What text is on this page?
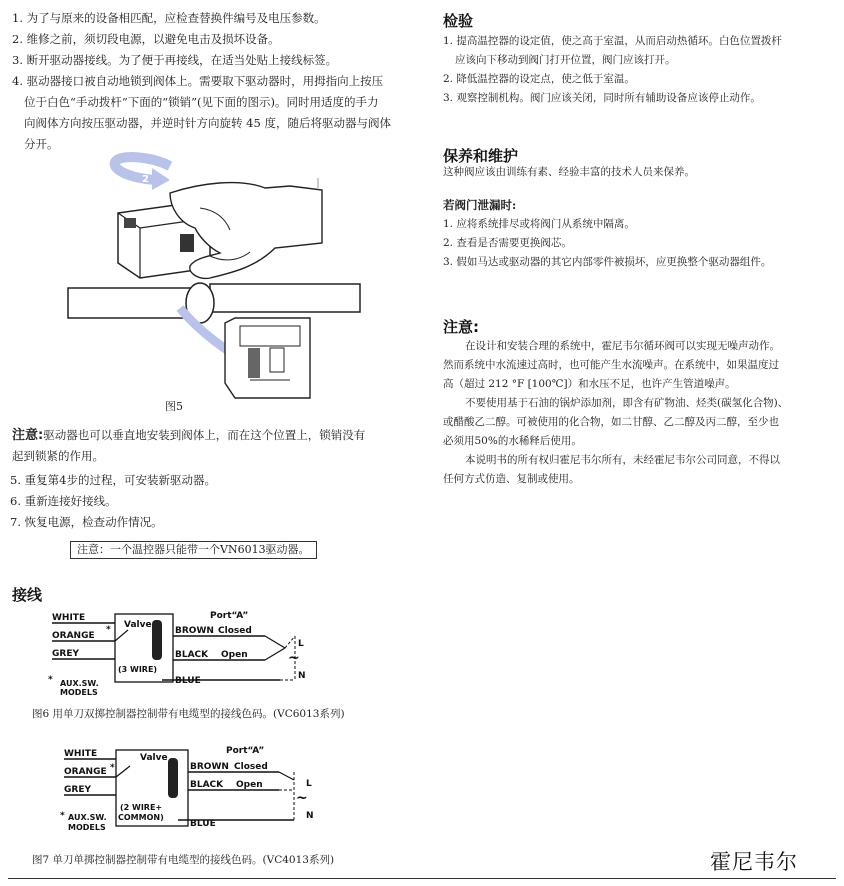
1. 为了与原来的设备相匹配，应检查替换件编号及电压参数。
2. 维修之前，须切段电源，以避免电击及损坏设备。
3. 断开驱动器接线。为了便于再接线，在适当处贴上接线标签。
4. 驱动器接口被自动地锁到阀体上。需要取下驱动器时，用拇指向上按压
位于白色“手动拨杆”下面的“锁销”(见下面的图示)。同时用适度的手力
向阀体方向按压驱动器，并逆时针方向旋转 45 度，随后将驱动器与阀体
分开。
2
图5
注意:驱动器也可以垂直地安装到阀体上，而在这个位置上，锁销没有
起到锁紧的作用。
5. 重复第4步的过程，可安装新驱动器。
6. 重新连接好接线。
7. 恢复电源，检查动作情况。
注意：一个温控器只能带一个VN6013驱动器。
接线
WHITE
ORANGE
GREY
Valve
*
(3 WIRE)
Port“A”
BROWN Closed
BLACK Open
BLUE
L
~
N
* AUX.SW.
MODELS
图6 用单刀双掷控制器控制带有电缆型的接线色码。(VC6013系列)
WHITE
ORANGE
GREY
Valve
*
(2 WIRE+
COMMON)
Port“A”
BROWN Closed
BLACK Open
BLUE
L
~
N
* AUX.SW.
MODELS
图7 单刀单掷控制器控制带有电缆型的接线色码。(VC4013系列)
检验
1. 提高温控器的设定值，使之高于室温，从而启动热循环。白色位置拨杆
应该向下移动到阀门打开位置，阀门应该打开。
2. 降低温控器的设定点，使之低于室温。
3. 观察控制机构。阀门应该关闭，同时所有辅助设备应该停止动作。
保养和维护
这种阀应该由训练有素、经验丰富的技术人员来保养。
若阀门泄漏时:
1. 应将系统排尽或将阀门从系统中隔离。
2. 查看是否需要更换阀芯。
3. 假如马达或驱动器的其它内部零件被损坏，应更换整个驱动器组件。
注意:
在设计和安装合理的系统中，霍尼韦尔循环阀可以实现无噪声动作。
然而系统中水流速过高时，也可能产生水流噪声。在系统中，如果温度过
高（超过 212 °F [100℃]）和水压不足，也许产生管道噪声。
不要使用基于石油的锅炉添加剂，即含有矿物油、烃类(碳氢化合物)、
或醋酸乙二醇。可被使用的化合物，如二甘醇、乙二醇及丙二醇，至少也
必须用50%的水稀释后使用。
本说明书的所有权归霍尼韦尔所有，未经霍尼韦尔公司同意，不得以
任何方式仿造、复制或使用。
霍尼韦尔
